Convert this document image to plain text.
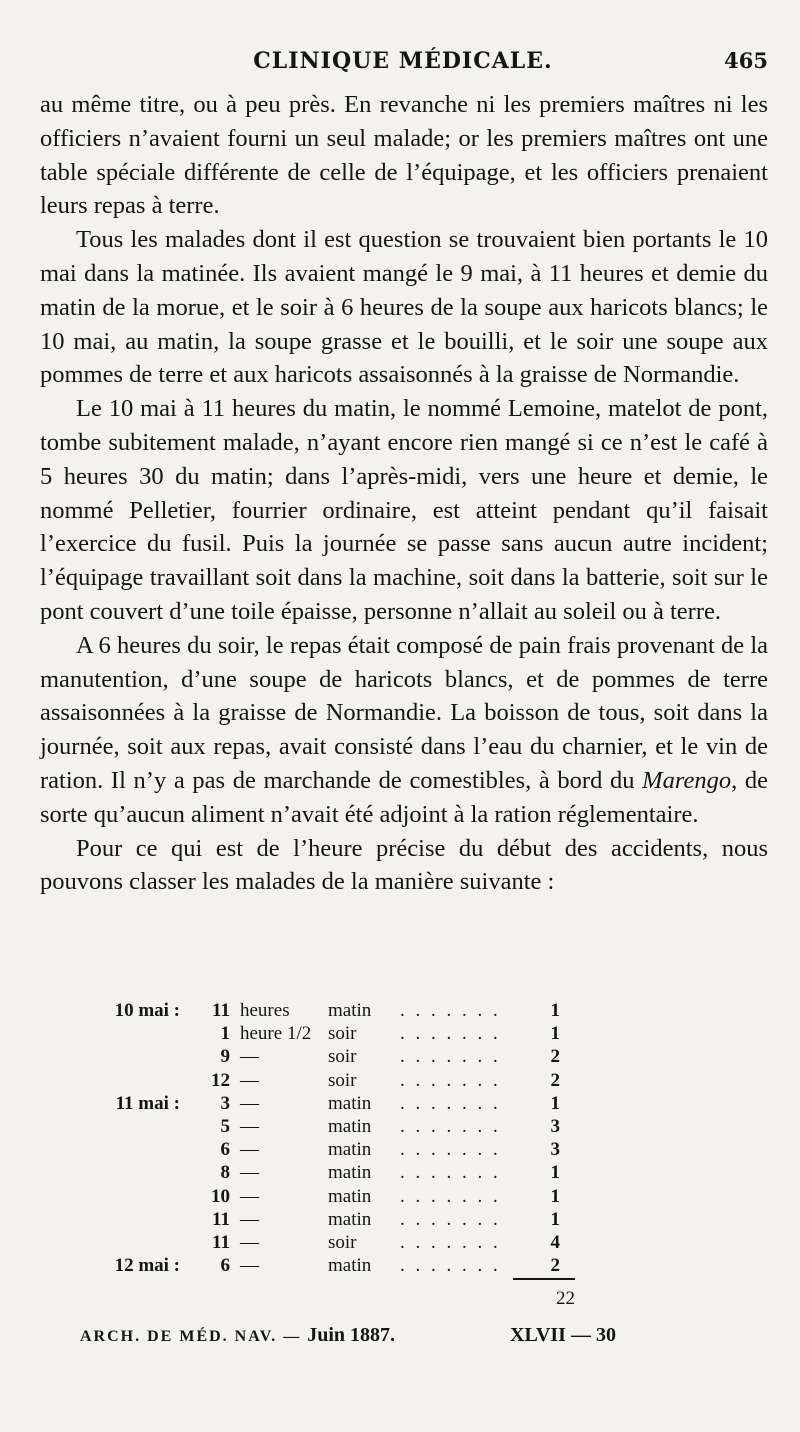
CLINIQUE MÉDICALE.	465

au même titre, ou à peu près. En revanche ni les premiers maîtres ni les officiers n’avaient fourni un seul malade; or les premiers maîtres ont une table spéciale différente de celle de l’équipage, et les officiers prenaient leurs repas à terre.

Tous les malades dont il est question se trouvaient bien portants le 10 mai dans la matinée. Ils avaient mangé le 9 mai, à 11 heures et demie du matin de la morue, et le soir à 6 heures de la soupe aux haricots blancs; le 10 mai, au matin, la soupe grasse et le bouilli, et le soir une soupe aux pommes de terre et aux haricots assaisonnés à la graisse de Normandie.

Le 10 mai à 11 heures du matin, le nommé Lemoine, matelot de pont, tombe subitement malade, n’ayant encore rien mangé si ce n’est le café à 5 heures 30 du matin; dans l’après-midi, vers une heure et demie, le nommé Pelletier, fourrier ordinaire, est atteint pendant qu’il faisait l’exercice du fusil. Puis la journée se passe sans aucun autre incident; l’équipage travaillant soit dans la machine, soit dans la batterie, soit sur le pont couvert d’une toile épaisse, personne n’allait au soleil ou à terre.

A 6 heures du soir, le repas était composé de pain frais provenant de la manutention, d’une soupe de haricots blancs, et de pommes de terre assaisonnées à la graisse de Normandie. La boisson de tous, soit dans la journée, soit aux repas, avait consisté dans l’eau du charnier, et le vin de ration. Il n’y a pas de marchande de comestibles, à bord du Marengo, de sorte qu’aucun aliment n’avait été adjoint à la ration réglementaire.

Pour ce qui est de l’heure précise du début des accidents, nous pouvons classer les malades de la manière suivante :

10 mai :	11 heures matin . . . . . . .	1
1 heure 1/2 soir . . . . . . .	1
9 —	soir . . . . . . .	2
12 —	soir . . . . . . .	2
11 mai :	3 —	matin . . . . . . .	1
5 —	matin . . . . . . .	3
6 —	matin . . . . . . .	3
8 —	matin . . . . . . .	1
10 —	matin . . . . . . .	1
11 —	matin . . . . . . .	1
11 —	soir . . . . . . .	4
12 mai :	6 —	matin . . . . . . .	2
22
ARCH. DE MÉD. NAV. — Juin 1887.	XLVII — 30
